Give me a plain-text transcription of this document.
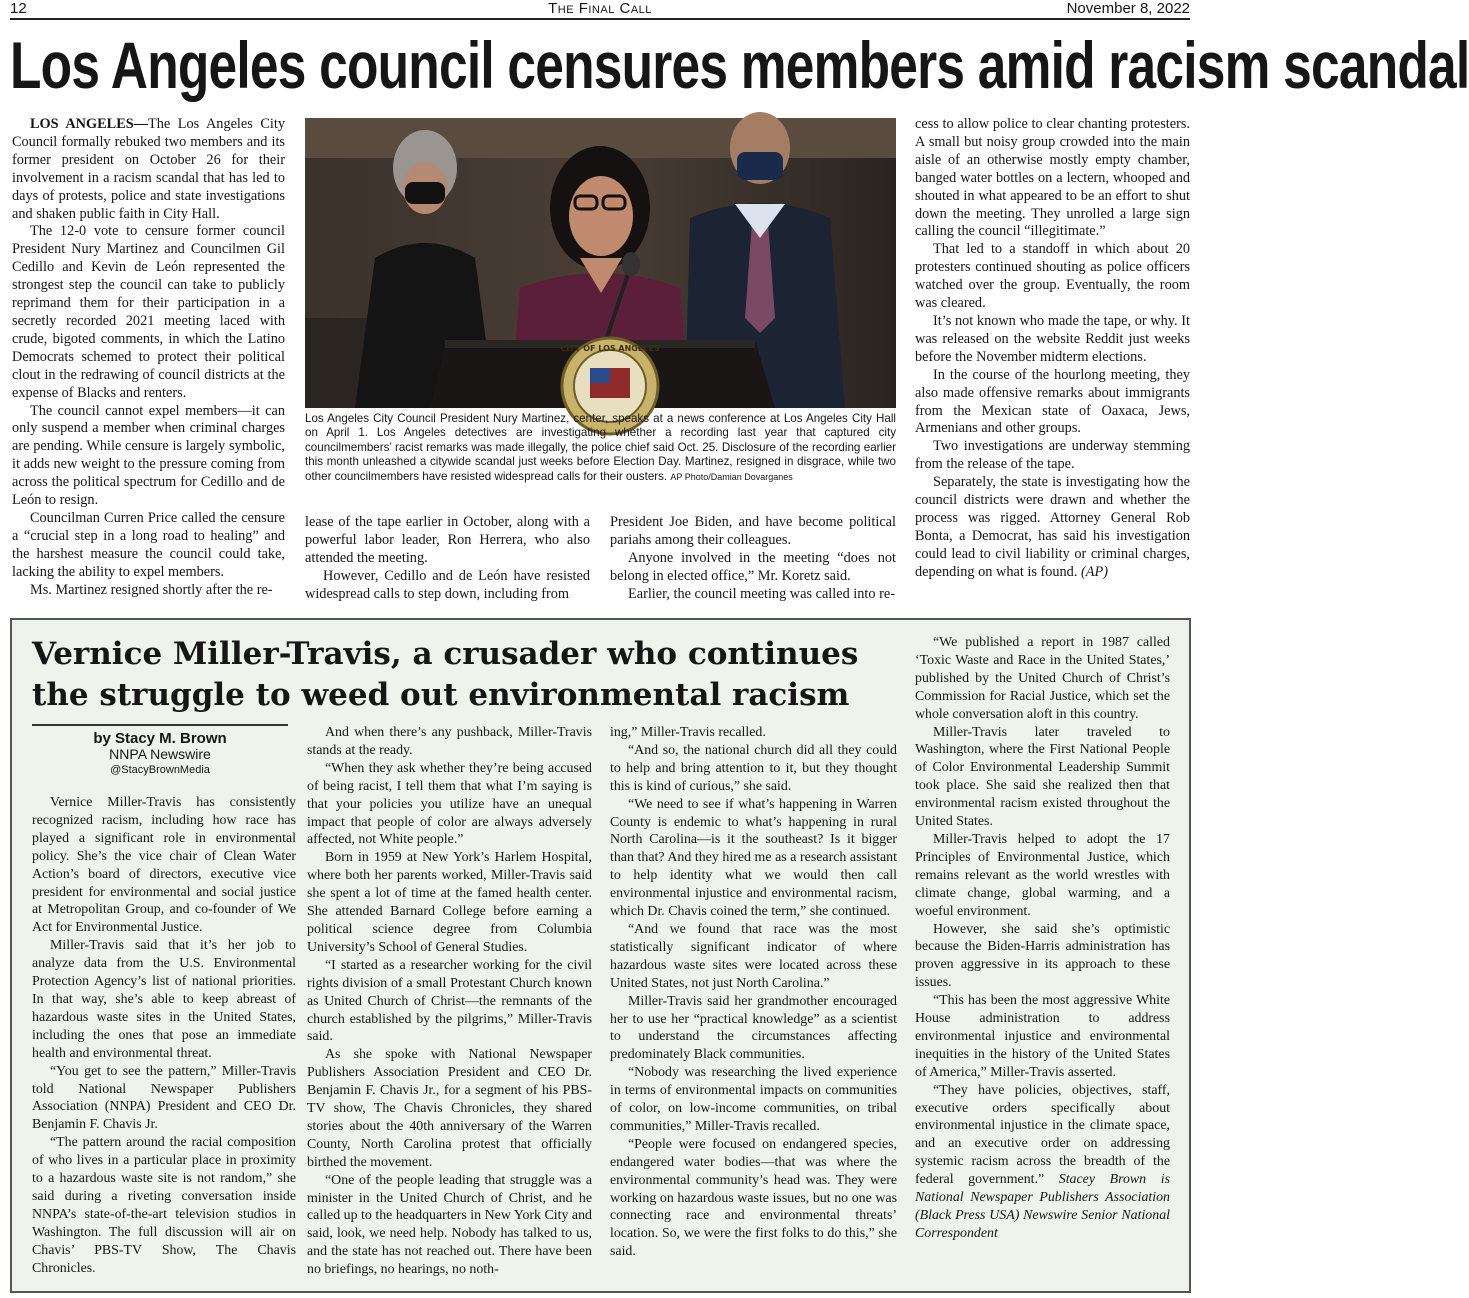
12	The Final Call	November 8, 2022
Los Angeles council censures members amid racism scandal

LOS ANGELES—The Los Angeles City Council formally rebuked two members and its former president on October 26 for their involvement in a racism scandal that has led to days of protests, police and state investigations and shaken public faith in City Hall.

The 12-0 vote to censure former council President Nury Martinez and Councilmen Gil Cedillo and Kevin de León represented the strongest step the council can take to publicly reprimand them for their participation in a secretly recorded 2021 meeting laced with crude, bigoted comments, in which the Latino Democrats schemed to protect their political clout in the redrawing of council districts at the expense of Blacks and renters.

The council cannot expel members—it can only suspend a member when criminal charges are pending. While censure is largely symbolic, it adds new weight to the pressure coming from across the political spectrum for Cedillo and de León to resign.

Councilman Curren Price called the censure a “crucial step in a long road to healing” and the harshest measure the council could take, lacking the ability to expel members.

Ms. Martinez resigned shortly after the re-

CITY OF LOS ANGELES
Los Angeles City Council President Nury Martinez, center, speaks at a news conference at Los Angeles City Hall on April 1. Los Angeles detectives are investigating whether a recording last year that captured city councilmembers’ racist remarks was made illegally, the police chief said Oct. 25. Disclosure of the recording earlier this month unleashed a citywide scandal just weeks before Election Day. Martinez, resigned in disgrace, while two other councilmembers have resisted widespread calls for their ousters. AP Photo/Damian Dovarganes

lease of the tape earlier in October, along with a powerful labor leader, Ron Herrera, who also attended the meeting.

However, Cedillo and de León have resisted widespread calls to step down, including from

President Joe Biden, and have become political pariahs among their colleagues.

Anyone involved in the meeting “does not belong in elected office,” Mr. Koretz said.

Earlier, the council meeting was called into re-

cess to allow police to clear chanting protesters. A small but noisy group crowded into the main aisle of an otherwise mostly empty chamber, banged water bottles on a lectern, whooped and shouted in what appeared to be an effort to shut down the meeting. They unrolled a large sign calling the council “illegitimate.”

That led to a standoff in which about 20 protesters continued shouting as police officers watched over the group. Eventually, the room was cleared.

It’s not known who made the tape, or why. It was released on the website Reddit just weeks before the November midterm elections.

In the course of the hourlong meeting, they also made offensive remarks about immigrants from the Mexican state of Oaxaca, Jews, Armenians and other groups.

Two investigations are underway stemming from the release of the tape.

Separately, the state is investigating how the council districts were drawn and whether the process was rigged. Attorney General Rob Bonta, a Democrat, has said his investigation could lead to civil liability or criminal charges, depending on what is found. (AP)

Vernice Miller-Travis, a crusader who continues the struggle to weed out environmental racism
by Stacy M. Brown
NNPA Newswire
@StacyBrownMedia

Vernice Miller-Travis has consistently recognized racism, including how race has played a significant role in environmental policy. She’s the vice chair of Clean Water Action’s board of directors, executive vice president for environmental and social justice at Metropolitan Group, and co-founder of We Act for Environmental Justice.

Miller-Travis said that it’s her job to analyze data from the U.S. Environmental Protection Agency’s list of national priorities. In that way, she’s able to keep abreast of hazardous waste sites in the United States, including the ones that pose an immediate health and environmental threat.

“You get to see the pattern,” Miller-Travis told National Newspaper Publishers Association (NNPA) President and CEO Dr. Benjamin F. Chavis Jr.

“The pattern around the racial composition of who lives in a particular place in proximity to a hazardous waste site is not random,” she said during a riveting conversation inside NNPA’s state-of-the-art television studios in Washington. The full discussion will air on Chavis’ PBS-TV Show, The Chavis Chronicles.

And when there’s any pushback, Miller-Travis stands at the ready.

“When they ask whether they’re being accused of being racist, I tell them that what I’m saying is that your policies you utilize have an unequal impact that people of color are always adversely affected, not White people.”

Born in 1959 at New York’s Harlem Hospital, where both her parents worked, Miller-Travis said she spent a lot of time at the famed health center. She attended Barnard College before earning a political science degree from Columbia University’s School of General Studies.

“I started as a researcher working for the civil rights division of a small Protestant Church known as United Church of Christ—the remnants of the church established by the pilgrims,” Miller-Travis said.

As she spoke with National Newspaper Publishers Association President and CEO Dr. Benjamin F. Chavis Jr., for a segment of his PBS-TV show, The Chavis Chronicles, they shared stories about the 40th anniversary of the Warren County, North Carolina protest that officially birthed the movement.

“One of the people leading that struggle was a minister in the United Church of Christ, and he called up to the headquarters in New York City and said, look, we need help. Nobody has talked to us, and the state has not reached out. There have been no briefings, no hearings, no noth-

ing,” Miller-Travis recalled.

“And so, the national church did all they could to help and bring attention to it, but they thought this is kind of curious,” she said.

“We need to see if what’s happening in Warren County is endemic to what’s happening in rural North Carolina—is it the southeast? Is it bigger than that? And they hired me as a research assistant to help identity what we would then call environmental injustice and environmental racism, which Dr. Chavis coined the term,” she continued.

“And we found that race was the most statistically significant indicator of where hazardous waste sites were located across these United States, not just North Carolina.”

Miller-Travis said her grandmother encouraged her to use her “practical knowledge” as a scientist to understand the circumstances affecting predominately Black communities.

“Nobody was researching the lived experience in terms of environmental impacts on communities of color, on low-income communities, on tribal communities,” Miller-Travis recalled.

“People were focused on endangered species, endangered water bodies—that was where the environmental community’s head was. They were working on hazardous waste issues, but no one was connecting race and environmental threats’ location. So, we were the first folks to do this,” she said.

“We published a report in 1987 called ‘Toxic Waste and Race in the United States,’ published by the United Church of Christ’s Commission for Racial Justice, which set the whole conversation aloft in this country.

Miller-Travis later traveled to Washington, where the First National People of Color Environmental Leadership Summit took place. She said she realized then that environmental racism existed throughout the United States.

Miller-Travis helped to adopt the 17 Principles of Environmental Justice, which remains relevant as the world wrestles with climate change, global warming, and a woeful environment.

However, she said she’s optimistic because the Biden-Harris administration has proven aggressive in its approach to these issues.

“This has been the most aggressive White House administration to address environmental injustice and environmental inequities in the history of the United States of America,” Miller-Travis asserted.

“They have policies, objectives, staff, executive orders specifically about environmental injustice in the climate space, and an executive order on addressing systemic racism across the breadth of the federal government.” Stacey Brown is National Newspaper Publishers Association (Black Press USA) Newswire Senior National Correspondent
